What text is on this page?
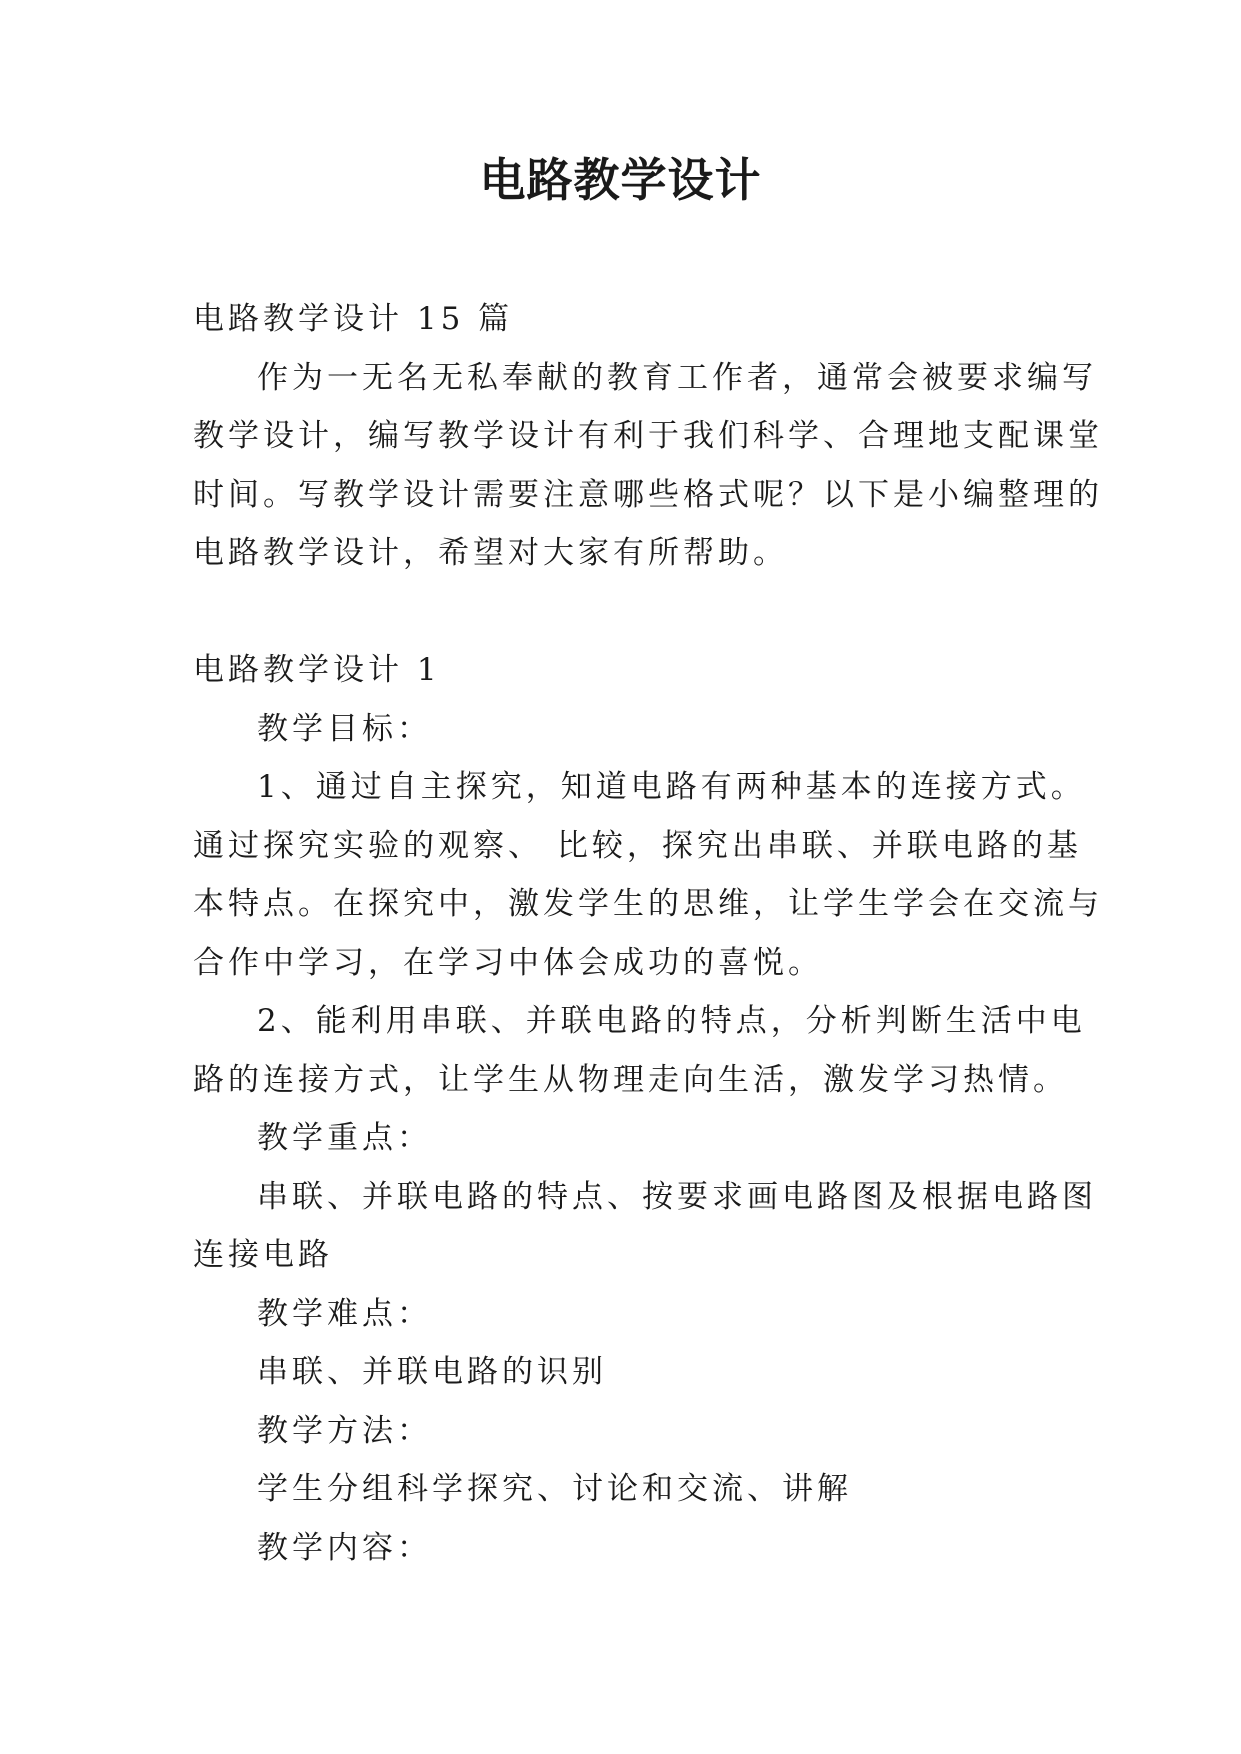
电路教学设计

电路教学设计 15 篇

作为一无名无私奉献的教育工作者，通常会被要求编写

教学设计，编写教学设计有利于我们科学、合理地支配课堂

时间。写教学设计需要注意哪些格式呢？以下是小编整理的

电路教学设计，希望对大家有所帮助。

电路教学设计 1

教学目标：

1、通过自主探究，知道电路有两种基本的连接方式。

通过探究实验的观察、 比较，探究出串联、并联电路的基

本特点。在探究中，激发学生的思维，让学生学会在交流与

合作中学习，在学习中体会成功的喜悦。

2、能利用串联、并联电路的特点，分析判断生活中电

路的连接方式，让学生从物理走向生活，激发学习热情。

教学重点：

串联、并联电路的特点、按要求画电路图及根据电路图

连接电路

教学难点：

串联、并联电路的识别

教学方法：

学生分组科学探究、讨论和交流、讲解

教学内容：
